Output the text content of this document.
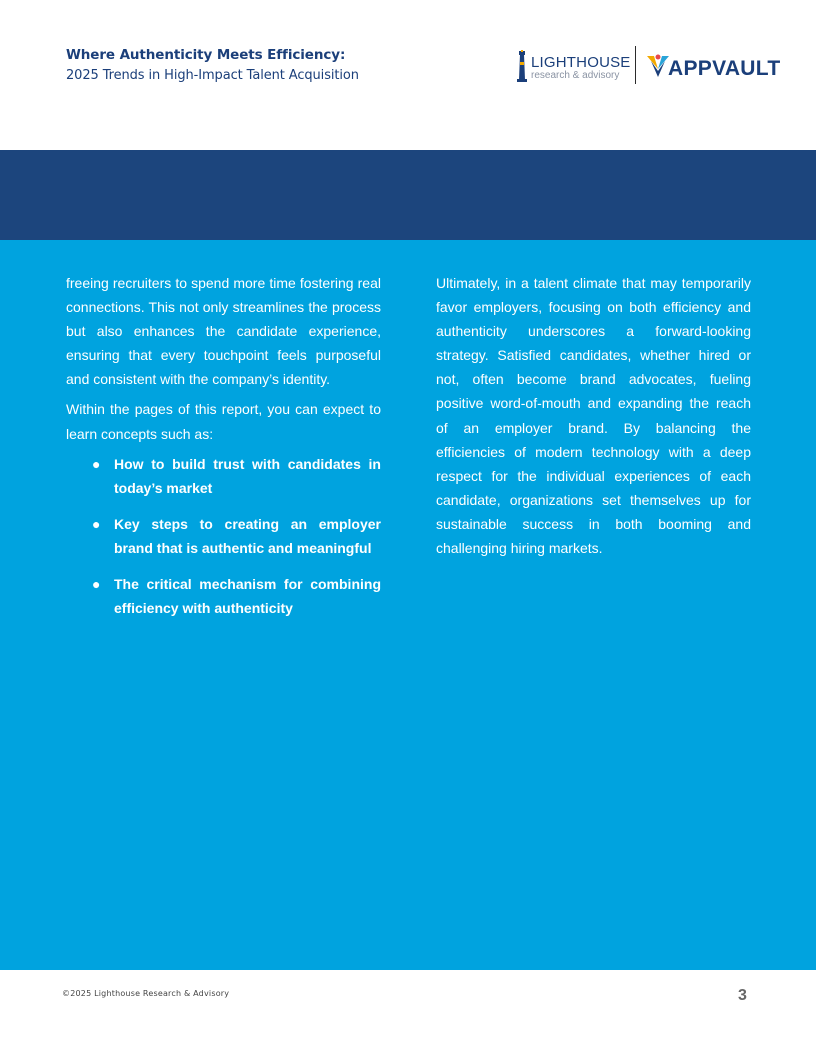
Where Authenticity Meets Efficiency:
2025 Trends in High-Impact Talent Acquisition
LIGHTHOUSE
research & advisory APPVAULT

freeing recruiters to spend more time fostering real connections. This not only streamlines the process but also enhances the candidate experience, ensuring that every touchpoint feels purposeful and consistent with the company’s identity.

Within the pages of this report, you can expect to learn concepts such as:

● How to build trust with candidates in today’s market
● Key steps to creating an employer brand that is authentic and meaningful
● The critical mechanism for combining efficiency with authenticity

Ultimately, in a talent climate that may temporarily favor employers, focusing on both efficiency and authenticity underscores a forward-looking strategy. Satisfied candidates, whether hired or not, often become brand advocates, fueling positive word-of-mouth and expanding the reach of an employer brand. By balancing the efficiencies of modern technology with a deep respect for the individual experiences of each candidate, organizations set themselves up for sustainable success in both booming and challenging hiring markets.

©2025 Lighthouse Research & Advisory	3
